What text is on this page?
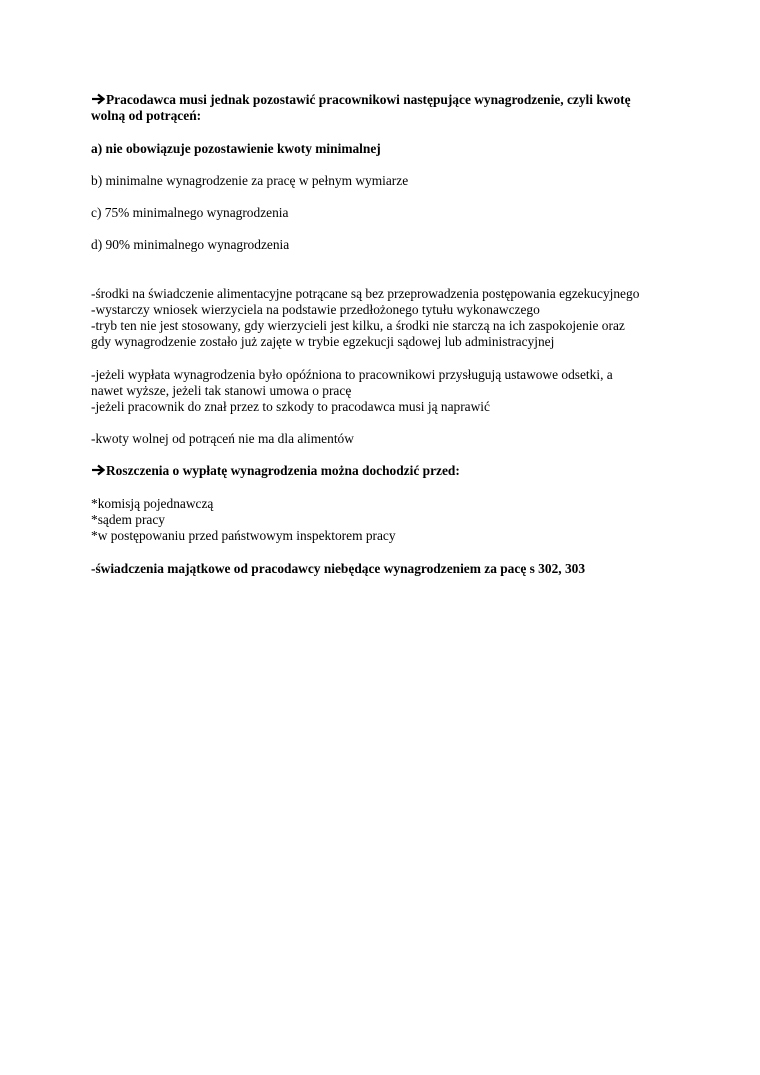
Pracodawca musi jednak pozostawić pracownikowi następujące wynagrodzenie, czyli kwotę
wolną od potrąceń:
a) nie obowiązuje pozostawienie kwoty minimalnej
b) minimalne wynagrodzenie za pracę w pełnym wymiarze
c) 75% minimalnego wynagrodzenia
d) 90% minimalnego wynagrodzenia
-środki na świadczenie alimentacyjne potrącane są bez przeprowadzenia postępowania egzekucyjnego
-wystarczy wniosek wierzyciela na podstawie przedłożonego tytułu wykonawczego
-tryb ten nie jest stosowany, gdy wierzycieli jest kilku, a środki nie starczą na ich zaspokojenie oraz
gdy wynagrodzenie zostało już zajęte w trybie egzekucji sądowej lub administracyjnej
-jeżeli wypłata wynagrodzenia było opóźniona to pracownikowi przysługują ustawowe odsetki, a
nawet wyższe, jeżeli tak stanowi umowa o pracę
-jeżeli pracownik do znał przez to szkody to pracodawca musi ją naprawić
-kwoty wolnej od potrąceń nie ma dla alimentów
Roszczenia o wypłatę wynagrodzenia można dochodzić przed:
*komisją pojednawczą
*sądem pracy
*w postępowaniu przed państwowym inspektorem pracy
-świadczenia majątkowe od pracodawcy niebędące wynagrodzeniem za pacę s 302, 303
